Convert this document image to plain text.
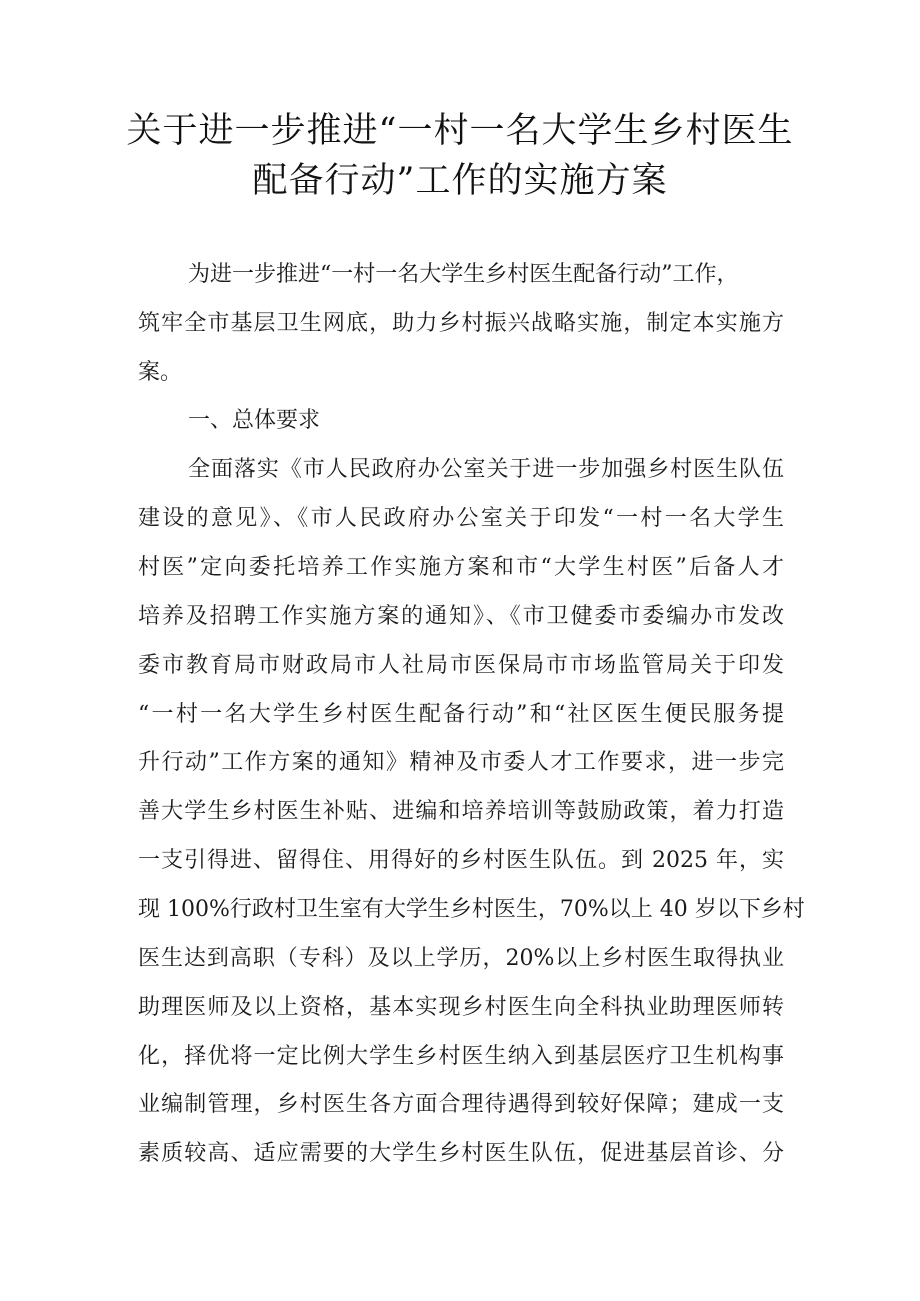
关于进一步推进“一村一名大学生乡村医生
配备行动”工作的实施方案
为进一步推进“一村一名大学生乡村医生配备行动”工作，
筑牢全市基层卫生网底，助力乡村振兴战略实施，制定本实施方
案。
一、总体要求
全面落实《市人民政府办公室关于进一步加强乡村医生队伍
建设的意见》、《市人民政府办公室关于印发“一村一名大学生
村医”定向委托培养工作实施方案和市“大学生村医”后备人才
培养及招聘工作实施方案的通知》、《市卫健委市委编办市发改
委市教育局市财政局市人社局市医保局市市场监管局关于印发
“一村一名大学生乡村医生配备行动”和“社区医生便民服务提
升行动”工作方案的通知》精神及市委人才工作要求，进一步完
善大学生乡村医生补贴、进编和培养培训等鼓励政策，着力打造
一支引得进、留得住、用得好的乡村医生队伍。到 2025 年，实
现 100%行政村卫生室有大学生乡村医生，70%以上 40 岁以下乡村
医生达到高职（专科）及以上学历，20%以上乡村医生取得执业
助理医师及以上资格，基本实现乡村医生向全科执业助理医师转
化，择优将一定比例大学生乡村医生纳入到基层医疗卫生机构事
业编制管理，乡村医生各方面合理待遇得到较好保障；建成一支
素质较高、适应需要的大学生乡村医生队伍，促进基层首诊、分
